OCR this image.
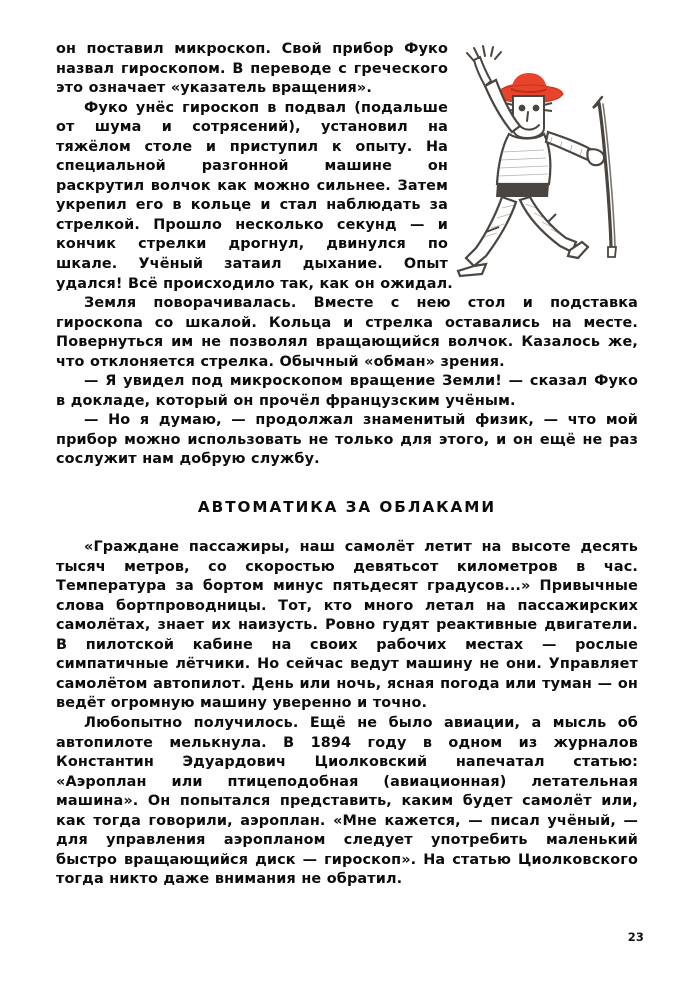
он поставил микроскоп. Свой прибор Фуко назвал гироскопом. В переводе с греческого это означает «указатель вращения».

Фуко унёс гироскоп в подвал (подальше от шума и сотрясений), установил на тяжёлом столе и приступил к опыту. На специальной разгонной машине он раскрутил волчок как можно сильнее. Затем укрепил его в кольце и стал наблюдать за стрелкой. Прошло несколько секунд — и кончик стрелки дрогнул, двинулся по шкале. Учёный затаил дыхание. Опыт удался! Всё происходило так, как он ожидал.

Земля поворачивалась. Вместе с нею стол и подставка гироскопа со шкалой. Кольца и стрелка оставались на месте. Повернуться им не позволял вращающийся волчок. Казалось же, что отклоняется стрелка. Обычный «обман» зрения.

— Я увидел под микроскопом вращение Земли! — сказал Фуко в докладе, который он прочёл французским учёным.

— Но я думаю, — продолжал знаменитый физик, — что мой прибор можно использовать не только для этого, и он ещё не раз сослужит нам добрую службу.

АВТОМАТИКА ЗА ОБЛАКАМИ

«Граждане пассажиры, наш самолёт летит на высоте десять тысяч метров, со скоростью девятьсот километров в час. Температура за бортом минус пятьдесят градусов...» Привычные слова бортпроводницы. Тот, кто много летал на пассажирских самолётах, знает их наизусть. Ровно гудят реактивные двигатели. В пилотской кабине на своих рабочих местах — рослые симпатичные лётчики. Но сейчас ведут машину не они. Управляет самолётом автопилот. День или ночь, ясная погода или туман — он ведёт огромную машину уверенно и точно.

Любопытно получилось. Ещё не было авиации, а мысль об автопилоте мелькнула. В 1894 году в одном из журналов Константин Эдуардович Циолковский напечатал статью: «Аэроплан или птицеподобная (авиационная) летательная машина». Он попытался представить, каким будет самолёт или, как тогда говорили, аэроплан. «Мне кажется, — писал учёный, — для управления аэропланом следует употребить маленький быстро вращающийся диск — гироскоп». На статью Циолковского тогда никто даже внимания не обратил.

23
